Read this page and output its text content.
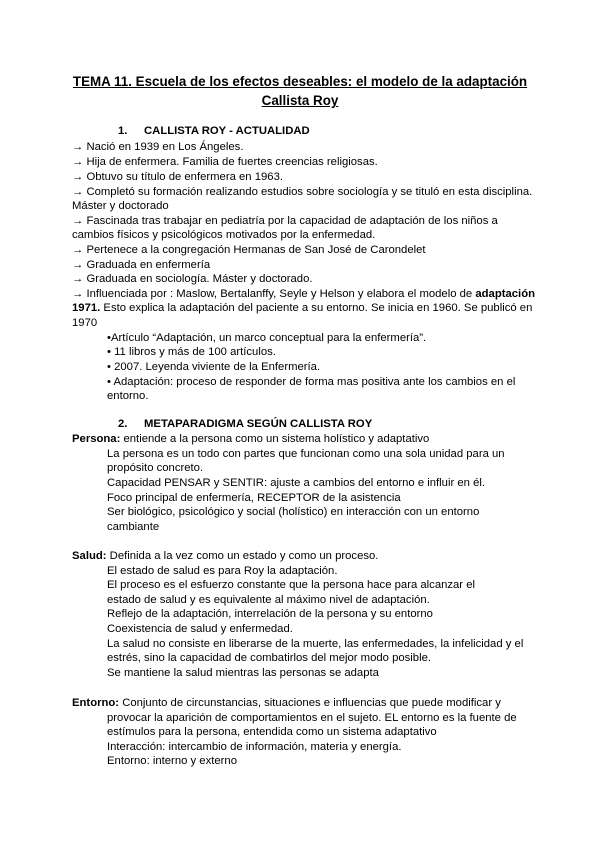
TEMA 11. Escuela de los efectos deseables: el modelo de la adaptación
Callista Roy
1. CALLISTA ROY - ACTUALIDAD
→ Nació en 1939 en Los Ángeles.
→ Hija de enfermera. Familia de fuertes creencias religiosas.
→ Obtuvo su título de enfermera en 1963.
→ Completó su formación realizando estudios sobre sociología y se tituló en esta disciplina.
Máster y doctorado
→ Fascinada tras trabajar en pediatría por la capacidad de adaptación de los niños a
cambios físicos y psicológicos motivados por la enfermedad.
→ Pertenece a la congregación Hermanas de San José de Carondelet
→ Graduada en enfermería
→ Graduada en sociología. Máster y doctorado.
→ Influenciada por : Maslow, Bertalanffy, Seyle y Helson y elabora el modelo de adaptación
1971. Esto explica la adaptación del paciente a su entorno. Se inicia en 1960. Se publicó en
1970
•Artículo “Adaptación, un marco conceptual para la enfermería”.
• 11 libros y más de 100 artículos.
• 2007. Leyenda viviente de la Enfermería.
• Adaptación: proceso de responder de forma mas positiva ante los cambios en el
entorno.
2. METAPARADIGMA SEGÚN CALLISTA ROY
Persona: entiende a la persona como un sistema holístico y adaptativo
La persona es un todo con partes que funcionan como una sola unidad para un
propósito concreto.
Capacidad PENSAR y SENTIR: ajuste a cambios del entorno e influir en él.
Foco principal de enfermería, RECEPTOR de la asistencia
Ser biológico, psicológico y social (holístico) en interacción con un entorno
cambiante
Salud: Definida a la vez como un estado y como un proceso.
El estado de salud es para Roy la adaptación.
El proceso es el esfuerzo constante que la persona hace para alcanzar el
estado de salud y es equivalente al máximo nivel de adaptación.
Reflejo de la adaptación, interrelación de la persona y su entorno
Coexistencia de salud y enfermedad.
La salud no consiste en liberarse de la muerte, las enfermedades, la infelicidad y el
estrés, sino la capacidad de combatirlos del mejor modo posible.
Se mantiene la salud mientras las personas se adapta
Entorno: Conjunto de circunstancias, situaciones e influencias que puede modificar y
provocar la aparición de comportamientos en el sujeto. EL entorno es la fuente de
estímulos para la persona, entendida como un sistema adaptativo
Interacción: intercambio de información, materia y energía.
Entorno: interno y externo
